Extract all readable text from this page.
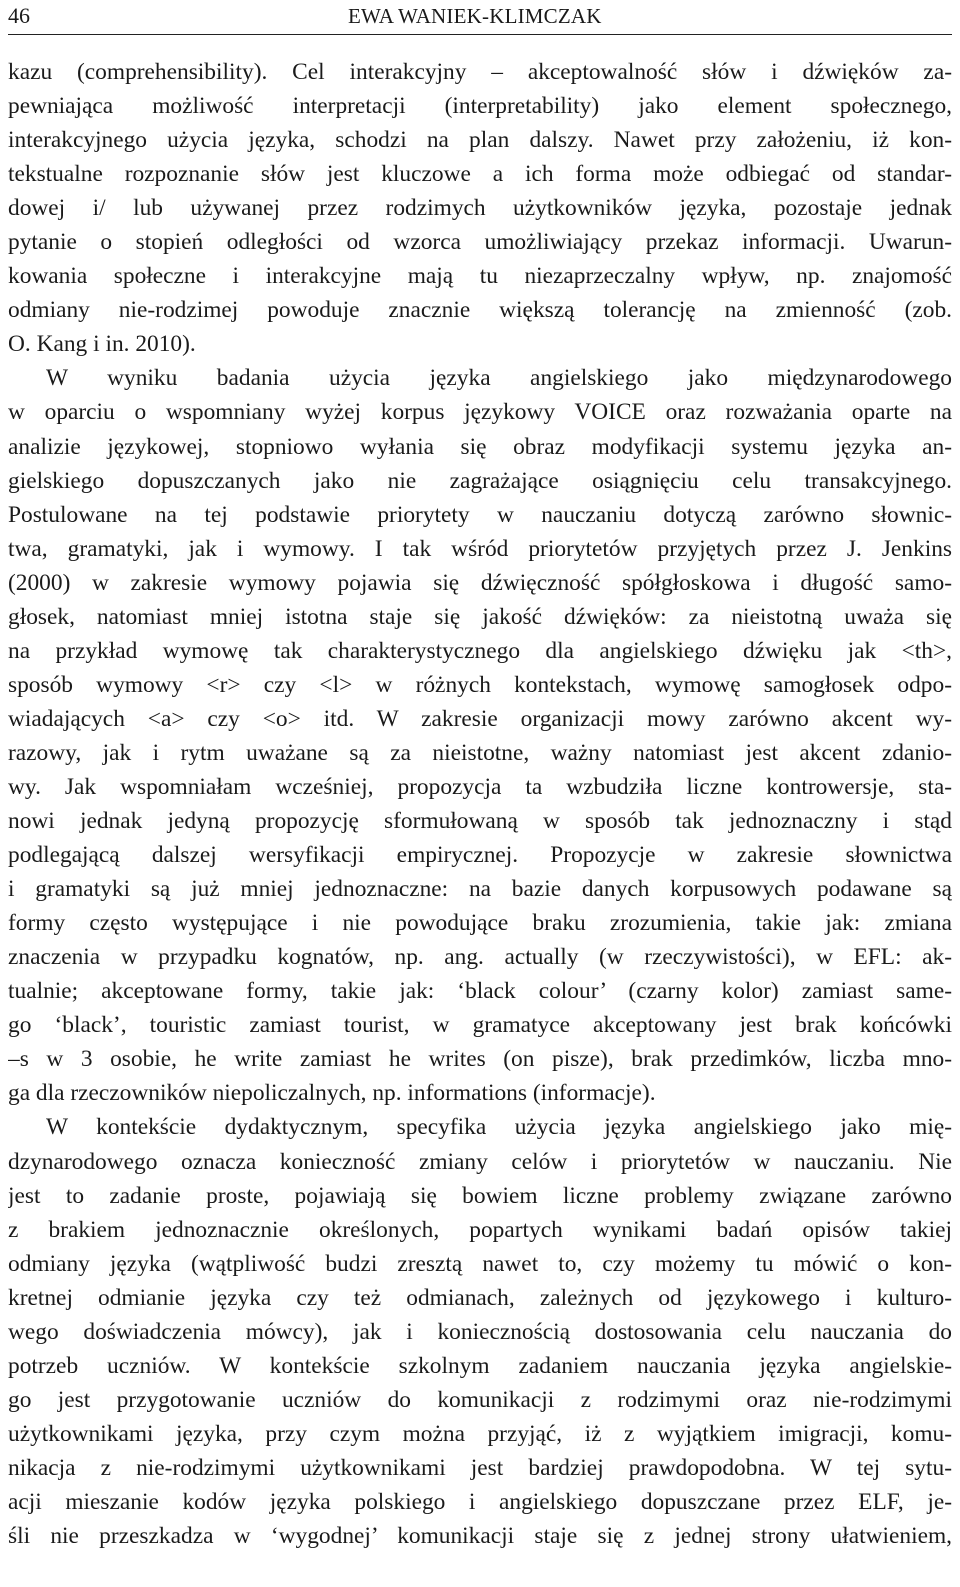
46	EWA WANIEK-KLIMCZAK
kazu (comprehensibility). Cel interakcyjny – akceptowalność słów i dźwięków za-
pewniająca możliwość interpretacji (interpretability) jako element społecznego,
interakcyjnego użycia języka, schodzi na plan dalszy. Nawet przy założeniu, iż kon-
tekstualne rozpoznanie słów jest kluczowe a ich forma może odbiegać od standar-
dowej i/ lub używanej przez rodzimych użytkowników języka, pozostaje jednak
pytanie o stopień odległości od wzorca umożliwiający przekaz informacji. Uwarun-
kowania społeczne i interakcyjne mają tu niezaprzeczalny wpływ, np. znajomość
odmiany nie-rodzimej powoduje znacznie większą tolerancję na zmienność (zob.
O. Kang i in. 2010).
W wyniku badania użycia języka angielskiego jako międzynarodowego
w oparciu o wspomniany wyżej korpus językowy VOICE oraz rozważania oparte na
analizie językowej, stopniowo wyłania się obraz modyfikacji systemu języka an-
gielskiego dopuszczanych jako nie zagrażające osiągnięciu celu transakcyjnego.
Postulowane na tej podstawie priorytety w nauczaniu dotyczą zarówno słownic-
twa, gramatyki, jak i wymowy. I tak wśród priorytetów przyjętych przez J. Jenkins
(2000) w zakresie wymowy pojawia się dźwięczność spółgłoskowa i długość samo-
głosek, natomiast mniej istotna staje się jakość dźwięków: za nieistotną uważa się
na przykład wymowę tak charakterystycznego dla angielskiego dźwięku jak <th>,
sposób wymowy <r> czy <l> w różnych kontekstach, wymowę samogłosek odpo-
wiadających <a> czy <o> itd. W zakresie organizacji mowy zarówno akcent wy-
razowy, jak i rytm uważane są za nieistotne, ważny natomiast jest akcent zdanio-
wy. Jak wspomniałam wcześniej, propozycja ta wzbudziła liczne kontrowersje, sta-
nowi jednak jedyną propozycję sformułowaną w sposób tak jednoznaczny i stąd
podlegającą dalszej wersyfikacji empirycznej. Propozycje w zakresie słownictwa
i gramatyki są już mniej jednoznaczne: na bazie danych korpusowych podawane są
formy często występujące i nie powodujące braku zrozumienia, takie jak: zmiana
znaczenia w przypadku kognatów, np. ang. actually (w rzeczywistości), w EFL: ak-
tualnie; akceptowane formy, takie jak: ‘black colour’ (czarny kolor) zamiast same-
go ‘black’, touristic zamiast tourist, w gramatyce akceptowany jest brak końcówki
–s w 3 osobie, he write zamiast he writes (on pisze), brak przedimków, liczba mno-
ga dla rzeczowników niepoliczalnych, np. informations (informacje).
W kontekście dydaktycznym, specyfika użycia języka angielskiego jako mię-
dzynarodowego oznacza konieczność zmiany celów i priorytetów w nauczaniu. Nie
jest to zadanie proste, pojawiają się bowiem liczne problemy związane zarówno
z brakiem jednoznacznie określonych, popartych wynikami badań opisów takiej
odmiany języka (wątpliwość budzi zresztą nawet to, czy możemy tu mówić o kon-
kretnej odmianie języka czy też odmianach, zależnych od językowego i kulturo-
wego doświadczenia mówcy), jak i koniecznością dostosowania celu nauczania do
potrzeb uczniów. W kontekście szkolnym zadaniem nauczania języka angielskie-
go jest przygotowanie uczniów do komunikacji z rodzimymi oraz nie-rodzimymi
użytkownikami języka, przy czym można przyjąć, iż z wyjątkiem imigracji, komu-
nikacja z nie-rodzimymi użytkownikami jest bardziej prawdopodobna. W tej sytu-
acji mieszanie kodów języka polskiego i angielskiego dopuszczane przez ELF, je-
śli nie przeszkadza w ‘wygodnej’ komunikacji staje się z jednej strony ułatwieniem,
